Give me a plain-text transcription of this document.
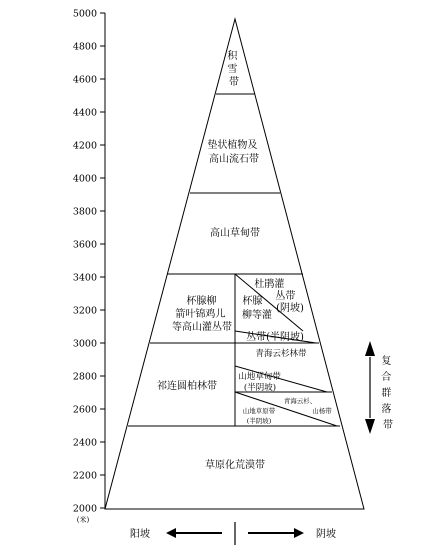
5000
4800
4600
4400
4200
4000
3800
3600
3400
3200
3000
2800
2600
2400
2200
2000
(米)
积 雪 带
垫状植物及 高山流石带
高山草甸带
杯腺柳 箭叶锦鸡儿 等高山灌丛带
杜鹃灌 丛带 (阴坡)
杯腺 柳等灌
丛带(半阴坡)
青海云杉林带
祁连圆柏林带
山地草甸带 (半阴坡)
山地草原带 (半阴坡)
青海云杉、 山杨带
草原化荒漠带
复 合 群 落 带
阳坡	阴坡
